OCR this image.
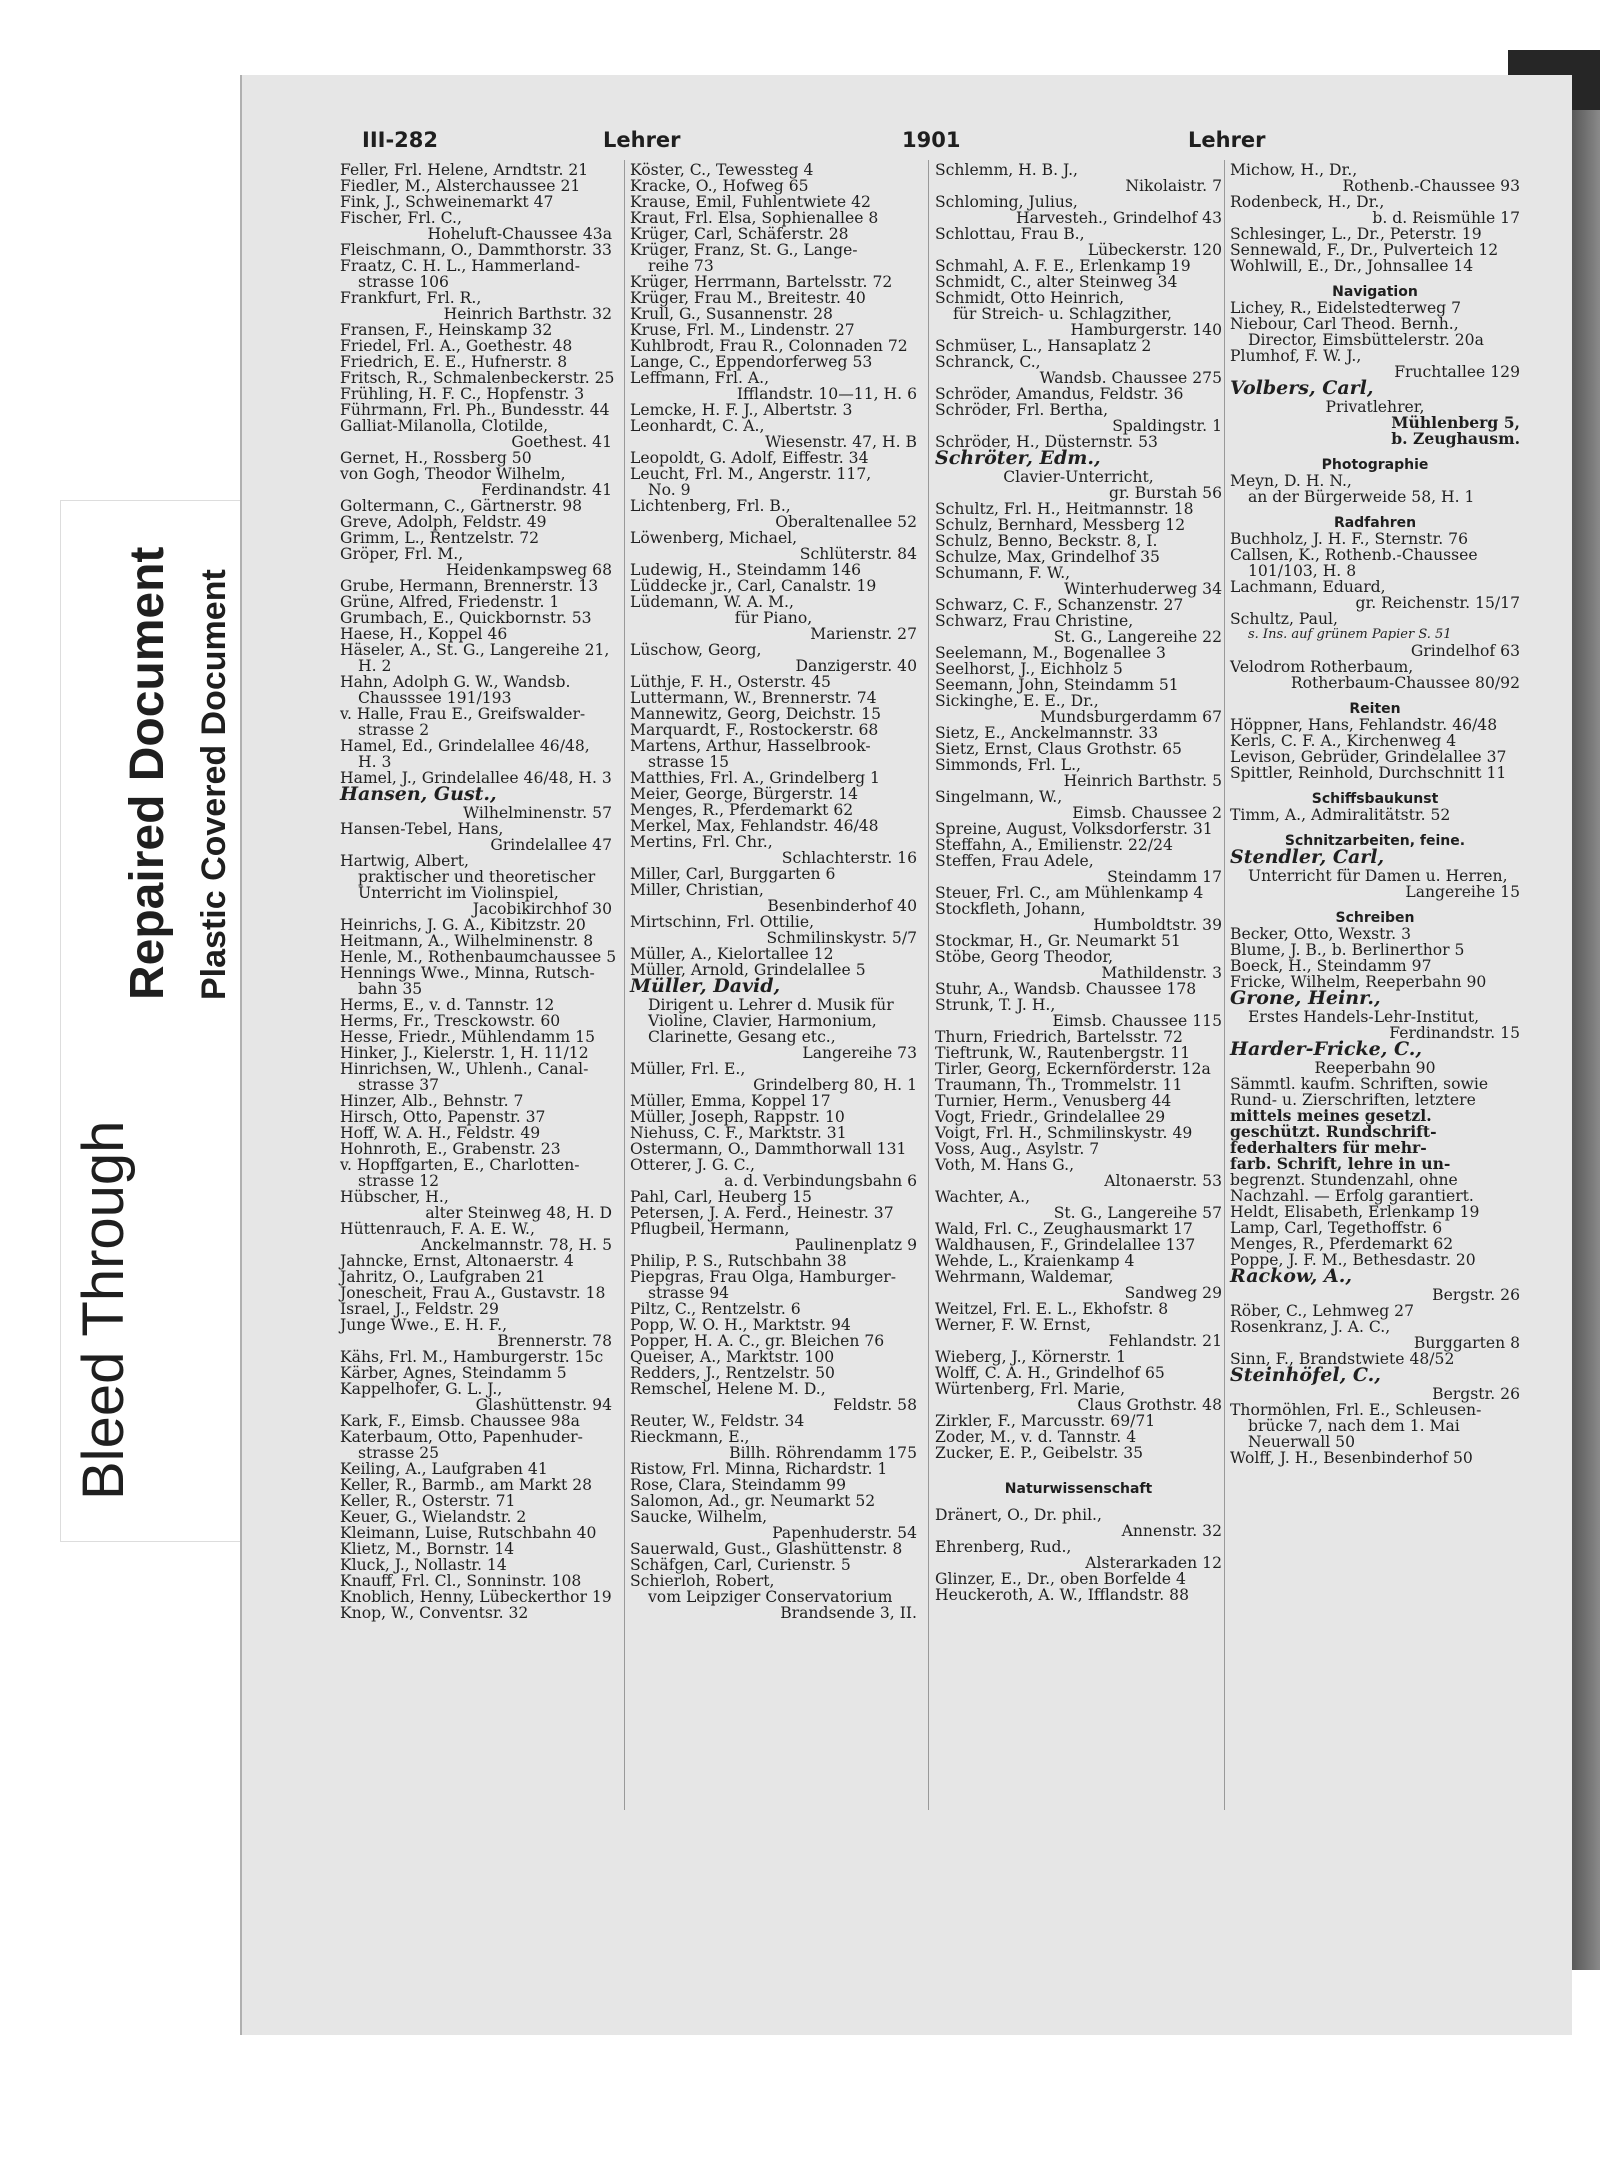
Bleed Through
Repaired Document Plastic Covered Document
III-282	Lehrer	1901	Lehrer
Feller, Frl. Helene, Arndtstr. 21
Fiedler, M., Alsterchaussee 21
Fink, J., Schweinemarkt 47
Fischer, Frl. C.,
Hoheluft-Chaussee 43a
Fleischmann, O., Dammthorstr. 33
Fraatz, C. H. L., Hammerland-
strasse 106
Frankfurt, Frl. R.,
Heinrich Barthstr. 32
Fransen, F., Heinskamp 32
Friedel, Frl. A., Goethestr. 48
Friedrich, E. E., Hufnerstr. 8
Fritsch, R., Schmalenbeckerstr. 25
Frühling, H. F. C., Hopfenstr. 3
Führmann, Frl. Ph., Bundesstr. 44
Galliat-Milanolla, Clotilde,
Goethest. 41
Gernet, H., Rossberg 50
von Gogh, Theodor Wilhelm,
Ferdinandstr. 41
Goltermann, C., Gärtnerstr. 98
Greve, Adolph, Feldstr. 49
Grimm, L., Rentzelstr. 72
Gröper, Frl. M.,
Heidenkampsweg 68
Grube, Hermann, Brennerstr. 13
Grüne, Alfred, Friedenstr. 1
Grumbach, E., Quickbornstr. 53
Haese, H., Koppel 46
Häseler, A., St. G., Langereihe 21,
H. 2
Hahn, Adolph G. W., Wandsb.
Chausssee 191/193
v. Halle, Frau E., Greifswalder-
strasse 2
Hamel, Ed., Grindelallee 46/48,
H. 3
Hamel, J., Grindelallee 46/48, H. 3
Hansen, Gust.,
Wilhelminenstr. 57
Hansen-Tebel, Hans,
Grindelallee 47
Hartwig, Albert,
praktischer und theoretischer
Unterricht im Violinspiel,
Jacobikirchhof 30
Heinrichs, J. G. A., Kibitzstr. 20
Heitmann, A., Wilhelminenstr. 8
Henle, M., Rothenbaumchaussee 5
Hennings Wwe., Minna, Rutsch-
bahn 35
Herms, E., v. d. Tannstr. 12
Herms, Fr., Tresckowstr. 60
Hesse, Friedr., Mühlendamm 15
Hinker, J., Kielerstr. 1, H. 11/12
Hinrichsen, W., Uhlenh., Canal-
strasse 37
Hinzer, Alb., Behnstr. 7
Hirsch, Otto, Papenstr. 37
Hoff, W. A. H., Feldstr. 49
Hohnroth, E., Grabenstr. 23
v. Hopffgarten, E., Charlotten-
strasse 12
Hübscher, H.,
alter Steinweg 48, H. D
Hüttenrauch, F. A. E. W.,
Anckelmannstr. 78, H. 5
Jahncke, Ernst, Altonaerstr. 4
Jahritz, O., Laufgraben 21
Jonescheit, Frau A., Gustavstr. 18
Israel, J., Feldstr. 29
Junge Wwe., E. H. F.,
Brennerstr. 78
Kähs, Frl. M., Hamburgerstr. 15c
Kärber, Agnes, Steindamm 5
Kappelhofer, G. L. J.,
Glashüttenstr. 94
Kark, F., Eimsb. Chaussee 98a
Katerbaum, Otto, Papenhuder-
strasse 25
Keiling, A., Laufgraben 41
Keller, R., Barmb., am Markt 28
Keller, R., Osterstr. 71
Keuer, G., Wielandstr. 2
Kleimann, Luise, Rutschbahn 40
Klietz, M., Bornstr. 14
Kluck, J., Nollastr. 14
Knauff, Frl. Cl., Sonninstr. 108
Knoblich, Henny, Lübeckerthor 19
Knop, W., Conventsr. 32
Köster, C., Tewessteg 4
Kracke, O., Hofweg 65
Krause, Emil, Fuhlentwiete 42
Kraut, Frl. Elsa, Sophienallee 8
Krüger, Carl, Schäferstr. 28
Krüger, Franz, St. G., Lange-
reihe 73
Krüger, Herrmann, Bartelsstr. 72
Krüger, Frau M., Breitestr. 40
Krull, G., Susannenstr. 28
Kruse, Frl. M., Lindenstr. 27
Kuhlbrodt, Frau R., Colonnaden 72
Lange, C., Eppendorferweg 53
Leffmann, Frl. A.,
Ifflandstr. 10—11, H. 6
Lemcke, H. F. J., Albertstr. 3
Leonhardt, C. A.,
Wiesenstr. 47, H. B
Leopoldt, G. Adolf, Eiffestr. 34
Leucht, Frl. M., Angerstr. 117,
No. 9
Lichtenberg, Frl. B.,
Oberaltenallee 52
Löwenberg, Michael,
Schlüterstr. 84
Ludewig, H., Steindamm 146
Lüddecke jr., Carl, Canalstr. 19
Lüdemann, W. A. M.,
für Piano,
Marienstr. 27
Lüschow, Georg,
Danzigerstr. 40
Lüthje, F. H., Osterstr. 45
Luttermann, W., Brennerstr. 74
Mannewitz, Georg, Deichstr. 15
Marquardt, F., Rostockerstr. 68
Martens, Arthur, Hasselbrook-
strasse 15
Matthies, Frl. A., Grindelberg 1
Meier, George, Bürgerstr. 14
Menges, R., Pferdemarkt 62
Merkel, Max, Fehlandstr. 46/48
Mertins, Frl. Chr.,
Schlachterstr. 16
Miller, Carl, Burggarten 6
Miller, Christian,
Besenbinderhof 40
Mirtschinn, Frl. Ottilie,
Schmilinskystr. 5/7
Müller, A., Kielortallee 12
Müller, Arnold, Grindelallee 5
Müller, David,
Dirigent u. Lehrer d. Musik für
Violine, Clavier, Harmonium,
Clarinette, Gesang etc.,
Langereihe 73
Müller, Frl. E.,
Grindelberg 80, H. 1
Müller, Emma, Koppel 17
Müller, Joseph, Rappstr. 10
Niehuss, C. F., Marktstr. 31
Ostermann, O., Dammthorwall 131
Otterer, J. G. C.,
a. d. Verbindungsbahn 6
Pahl, Carl, Heuberg 15
Petersen, J. A. Ferd., Heinestr. 37
Pflugbeil, Hermann,
Paulinenplatz 9
Philip, P. S., Rutschbahn 38
Piepgras, Frau Olga, Hamburger-
strasse 94
Piltz, C., Rentzelstr. 6
Popp, W. O. H., Marktstr. 94
Popper, H. A. C., gr. Bleichen 76
Queiser, A., Marktstr. 100
Redders, J., Rentzelstr. 50
Remschel, Helene M. D.,
Feldstr. 58
Reuter, W., Feldstr. 34
Rieckmann, E.,
Billh. Röhrendamm 175
Ristow, Frl. Minna, Richardstr. 1
Rose, Clara, Steindamm 99
Salomon, Ad., gr. Neumarkt 52
Saucke, Wilhelm,
Papenhuderstr. 54
Sauerwald, Gust., Glashüttenstr. 8
Schäfgen, Carl, Curienstr. 5
Schierloh, Robert,
vom Leipziger Conservatorium
Brandsende 3, II.
Schlemm, H. B. J.,
Nikolaistr. 7
Schloming, Julius,
Harvesteh., Grindelhof 43
Schlottau, Frau B.,
Lübeckerstr. 120
Schmahl, A. F. E., Erlenkamp 19
Schmidt, C., alter Steinweg 34
Schmidt, Otto Heinrich,
für Streich- u. Schlagzither,
Hamburgerstr. 140
Schmüser, L., Hansaplatz 2
Schranck, C.,
Wandsb. Chaussee 275
Schröder, Amandus, Feldstr. 36
Schröder, Frl. Bertha,
Spaldingstr. 1
Schröder, H., Düsternstr. 53
Schröter, Edm.,
Clavier-Unterricht,
gr. Burstah 56
Schultz, Frl. H., Heitmannstr. 18
Schulz, Bernhard, Messberg 12
Schulz, Benno, Beckstr. 8, I.
Schulze, Max, Grindelhof 35
Schumann, F. W.,
Winterhuderweg 34
Schwarz, C. F., Schanzenstr. 27
Schwarz, Frau Christine,
St. G., Langereihe 22
Seelemann, M., Bogenallee 3
Seelhorst, J., Eichholz 5
Seemann, John, Steindamm 51
Sickinghe, E. E., Dr.,
Mundsburgerdamm 67
Sietz, E., Anckelmannstr. 33
Sietz, Ernst, Claus Grothstr. 65
Simmonds, Frl. L.,
Heinrich Barthstr. 5
Singelmann, W.,
Eimsb. Chaussee 2
Spreine, August, Volksdorferstr. 31
Steffahn, A., Emilienstr. 22/24
Steffen, Frau Adele,
Steindamm 17
Steuer, Frl. C., am Mühlenkamp 4
Stockfleth, Johann,
Humboldtstr. 39
Stockmar, H., Gr. Neumarkt 51
Stöbe, Georg Theodor,
Mathildenstr. 3
Stuhr, A., Wandsb. Chaussee 178
Strunk, T. J. H.,
Eimsb. Chaussee 115
Thurn, Friedrich, Bartelsstr. 72
Tieftrunk, W., Rautenbergstr. 11
Tirler, Georg, Eckernförderstr. 12a
Traumann, Th., Trommelstr. 11
Turnier, Herm., Venusberg 44
Vogt, Friedr., Grindelallee 29
Voigt, Frl. H., Schmilinskystr. 49
Voss, Aug., Asylstr. 7
Voth, M. Hans G.,
Altonaerstr. 53
Wachter, A.,
St. G., Langereihe 57
Wald, Frl. C., Zeughausmarkt 17
Waldhausen, F., Grindelallee 137
Wehde, L., Kraienkamp 4
Wehrmann, Waldemar,
Sandweg 29
Weitzel, Frl. E. L., Ekhofstr. 8
Werner, F. W. Ernst,
Fehlandstr. 21
Wieberg, J., Körnerstr. 1
Wolff, C. A. H., Grindelhof 65
Würtenberg, Frl. Marie,
Claus Grothstr. 48
Zirkler, F., Marcusstr. 69/71
Zoder, M., v. d. Tannstr. 4
Zucker, E. P., Geibelstr. 35
Naturwissenschaft
Dränert, O., Dr. phil.,
Annenstr. 32
Ehrenberg, Rud.,
Alsterarkaden 12
Glinzer, E., Dr., oben Borfelde 4
Heuckeroth, A. W., Ifflandstr. 88
Michow, H., Dr.,
Rothenb.-Chaussee 93
Rodenbeck, H., Dr.,
b. d. Reismühle 17
Schlesinger, L., Dr., Peterstr. 19
Sennewald, F., Dr., Pulverteich 12
Wohlwill, E., Dr., Johnsallee 14
Navigation
Lichey, R., Eidelstedterweg 7
Niebour, Carl Theod. Bernh.,
Director, Eimsbüttelerstr. 20a
Plumhof, F. W. J.,
Fruchtallee 129
Volbers, Carl,
Privatlehrer,
Mühlenberg 5,
b. Zeughausm.
Photographie
Meyn, D. H. N.,
an der Bürgerweide 58, H. 1
Radfahren
Buchholz, J. H. F., Sternstr. 76
Callsen, K., Rothenb.-Chaussee
101/103, H. 8
Lachmann, Eduard,
gr. Reichenstr. 15/17
Schultz, Paul,
s. Ins. auf grünem Papier S. 51
Grindelhof 63
Velodrom Rotherbaum,
Rotherbaum-Chaussee 80/92
Reiten
Höppner, Hans, Fehlandstr. 46/48
Kerls, C. F. A., Kirchenweg 4
Levison, Gebrüder, Grindelallee 37
Spittler, Reinhold, Durchschnitt 11
Schiffsbaukunst
Timm, A., Admiralitätstr. 52
Schnitzarbeiten, feine.
Stendler, Carl,
Unterricht für Damen u. Herren,
Langereihe 15
Schreiben
Becker, Otto, Wexstr. 3
Blume, J. B., b. Berlinerthor 5
Boeck, H., Steindamm 97
Fricke, Wilhelm, Reeperbahn 90
Grone, Heinr.,
Erstes Handels-Lehr-Institut,
Ferdinandstr. 15
Harder-Fricke, C.,
Reeperbahn 90
Sämmtl. kaufm. Schriften, sowie
Rund- u. Zierschriften, letztere
mittels meines gesetzl.
geschützt. Rundschrift-
federhalters für mehr-
farb. Schrift, lehre in un-
begrenzt. Stundenzahl, ohne
Nachzahl. — Erfolg garantiert.
Heldt, Elisabeth, Erlenkamp 19
Lamp, Carl, Tegethoffstr. 6
Menges, R., Pferdemarkt 62
Poppe, J. F. M., Bethesdastr. 20
Rackow, A.,
Bergstr. 26
Röber, C., Lehmweg 27
Rosenkranz, J. A. C.,
Burggarten 8
Sinn, F., Brandstwiete 48/52
Steinhöfel, C.,
Bergstr. 26
Thormöhlen, Frl. E., Schleusen-
brücke 7, nach dem 1. Mai
Neuerwall 50
Wolff, J. H., Besenbinderhof 50
